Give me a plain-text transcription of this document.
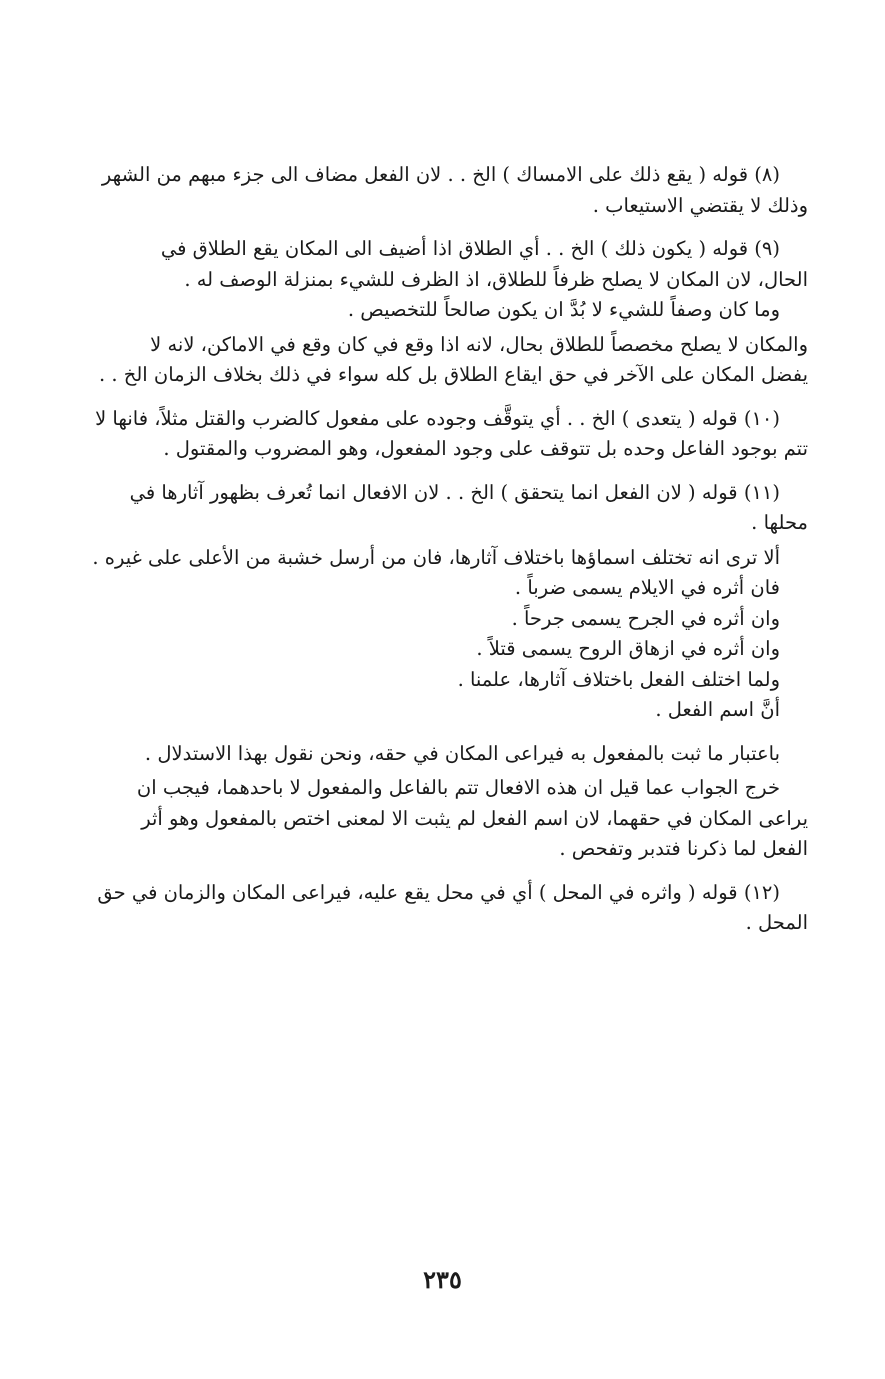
(٨) قوله ( يقع ذلك على الامساك ) الخ . . لان الفعل مضاف الى جزء مبهم من الشهر
وذلك لا يقتضي الاستيعاب .
(٩) قوله ( يكون ذلك ) الخ . . أي الطلاق اذا أضيف الى المكان يقع الطلاق في
الحال، لان المكان لا يصلح ظرفاً للطلاق، اذ الظرف للشيء بمنزلة الوصف له .
وما كان وصفاً للشيء لا بُدَّ ان يكون صالحاً للتخصيص .
والمكان لا يصلح مخصصاً للطلاق بحال، لانه اذا وقع في كان وقع في الاماكن، لانه لا
يفضل المكان على الآخر في حق ايقاع الطلاق بل كله سواء في ذلك بخلاف الزمان الخ . .
(١٠) قوله ( يتعدى ) الخ . . أي يتوقَّف وجوده على مفعول كالضرب والقتل مثلاً، فانها لا
تتم بوجود الفاعل وحده بل تتوقف على وجود المفعول، وهو المضروب والمقتول .
(١١) قوله ( لان الفعل انما يتحقق ) الخ . . لان الافعال انما تُعرف بظهور آثارها في
محلها .
ألا ترى انه تختلف اسماؤها باختلاف آثارها، فان من أرسل خشبة من الأعلى على غيره .
فان أثره في الايلام يسمى ضرباً .
وان أثره في الجرح يسمى جرحاً .
وان أثره في ازهاق الروح يسمى قتلاً .
ولما اختلف الفعل باختلاف آثارها، علمنا .
أنَّ اسم الفعل .
باعتبار ما ثبت بالمفعول به فيراعى المكان في حقه، ونحن نقول بهذا الاستدلال .
خرج الجواب عما قيل ان هذه الافعال تتم بالفاعل والمفعول لا باحدهما، فيجب ان
يراعى المكان في حقهما، لان اسم الفعل لم يثبت الا لمعنى اختص بالمفعول وهو أثر
الفعل لما ذكرنا فتدبر وتفحص .
(١٢) قوله ( واثره في المحل ) أي في محل يقع عليه، فيراعى المكان والزمان في حق
المحل .
٢٣٥
